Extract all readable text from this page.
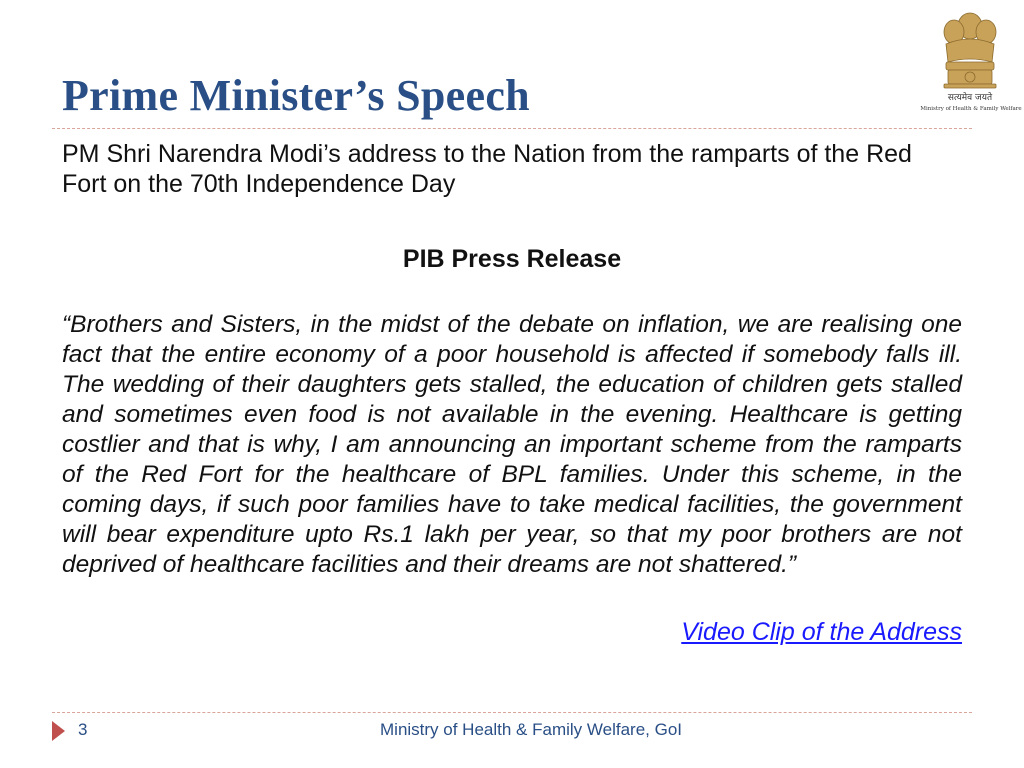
Prime Minister’s Speech	सत्यमेव जयते
Ministry of Health & Family Welfare

PM Shri Narendra Modi’s address to the Nation from the ramparts of the Red Fort on the 70th Independence Day

PIB Press Release

“Brothers and Sisters, in the midst of the debate on inflation, we are realising one fact that the entire economy of a poor household is affected if somebody falls ill. The wedding of their daughters gets stalled, the education of children gets stalled and sometimes even food is not available in the evening. Healthcare is getting costlier and that is why, I am announcing an important scheme from the ramparts of the Red Fort for the healthcare of BPL families. Under this scheme, in the coming days, if such poor families have to take medical facilities, the government will bear expenditure upto Rs.1 lakh per year, so that my poor brothers are not deprived of healthcare facilities and their dreams are not shattered.”

Video Clip of the Address
3	Ministry of Health & Family Welfare, GoI
